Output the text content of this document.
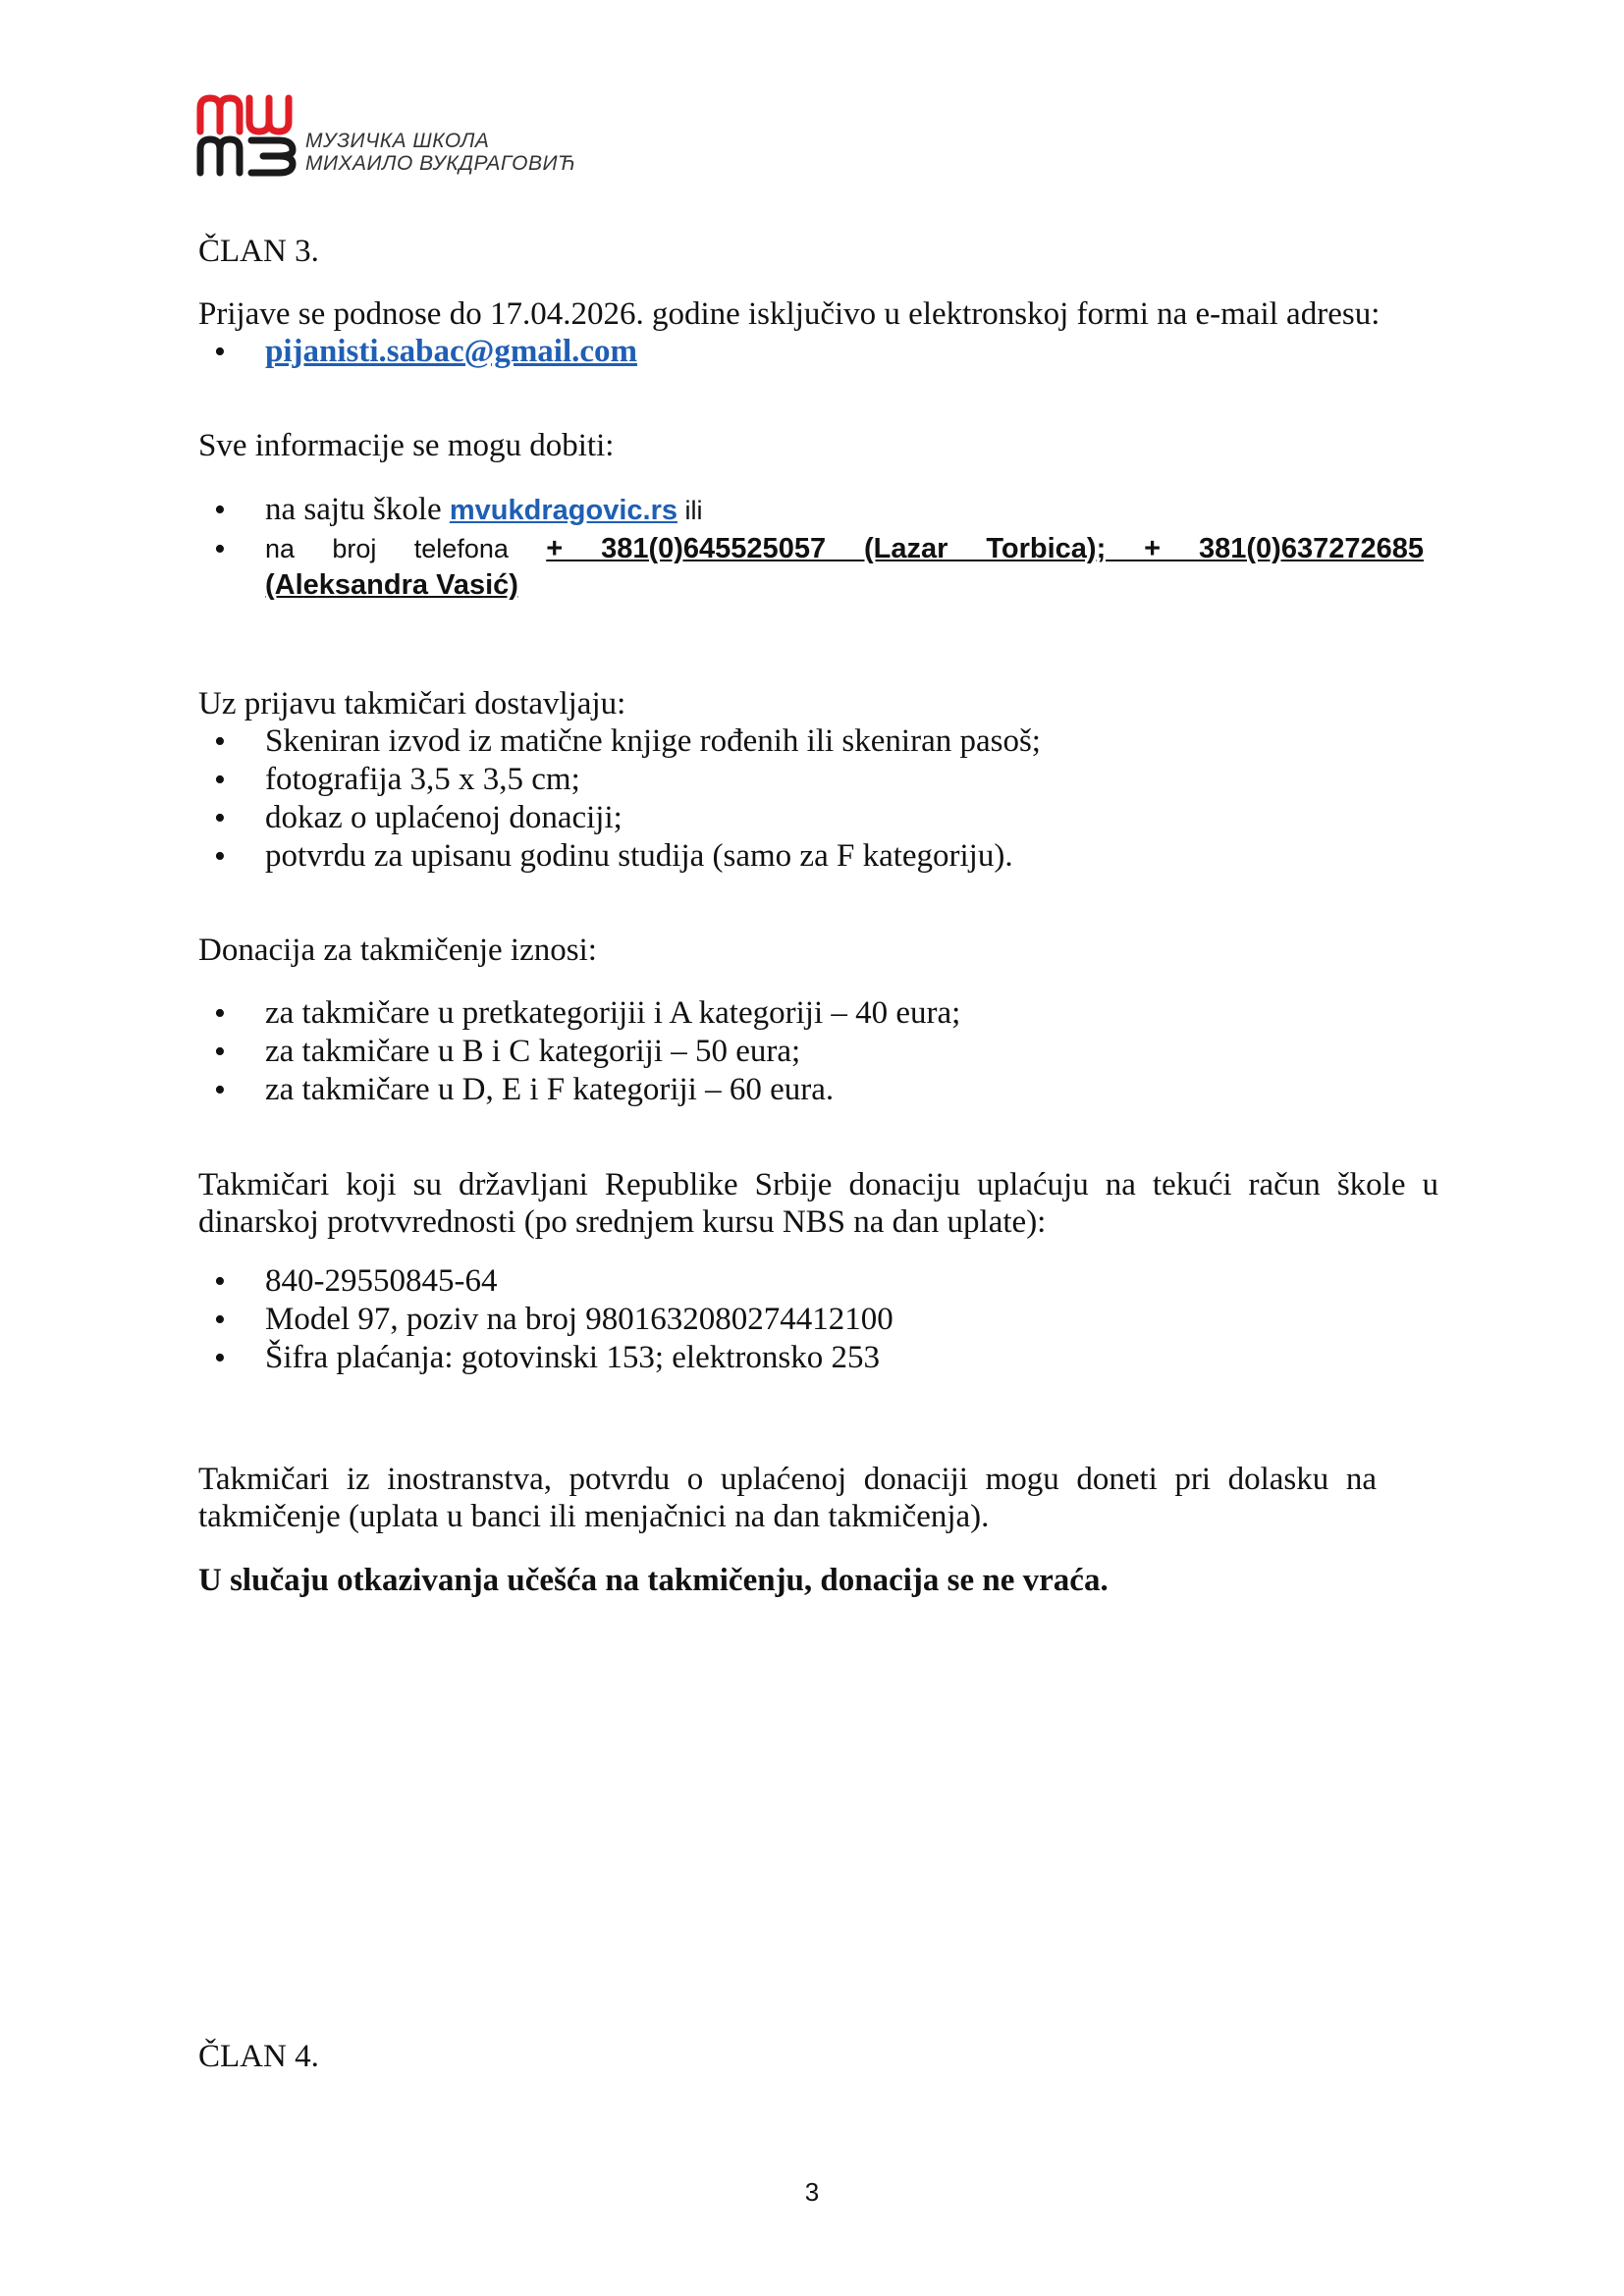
МУЗИЧКА ШКОЛА
МИХАИЛО ВУКДРАГОВИЋ

ČLAN 3.

Prijave se podnose do 17.04.2026. godine isključivo u elektronskoj formi na e-mail adresu:

• pijanisti.sabac@gmail.com

Sve informacije se mogu dobiti:

• na sajtu škole mvukdragovic.rs ili
• na broj telefona + 381(0)645525057 (Lazar Torbica); + 381(0)637272685
(Aleksandra Vasić)

Uz prijavu takmičari dostavljaju:

• Skeniran izvod iz matične knjige rođenih ili skeniran pasoš;
• fotografija 3,5 x 3,5 cm;
• dokaz o uplaćenoj donaciji;
• potvrdu za upisanu godinu studija (samo za F kategoriju).

Donacija za takmičenje iznosi:

• za takmičare u pretkategorijii i A kategoriji – 40 eura;
• za takmičare u B i C kategoriji – 50 eura;
• za takmičare u D, E i F kategoriji – 60 eura.

Takmičari koji su državljani Republike Srbije donaciju uplaćuju na tekući račun škole u dinarskoj protvvrednosti (po srednjem kursu NBS na dan uplate):

• 840-29550845-64
• Model 97, poziv na broj 9801632080274412100
• Šifra plaćanja: gotovinski 153; elektronsko 253

Takmičari iz inostranstva, potvrdu o uplaćenoj donaciji mogu doneti pri dolasku na takmičenje (uplata u banci ili menjačnici na dan takmičenja).

U slučaju otkazivanja učešća na takmičenju, donacija se ne vraća.

ČLAN 4.

3
